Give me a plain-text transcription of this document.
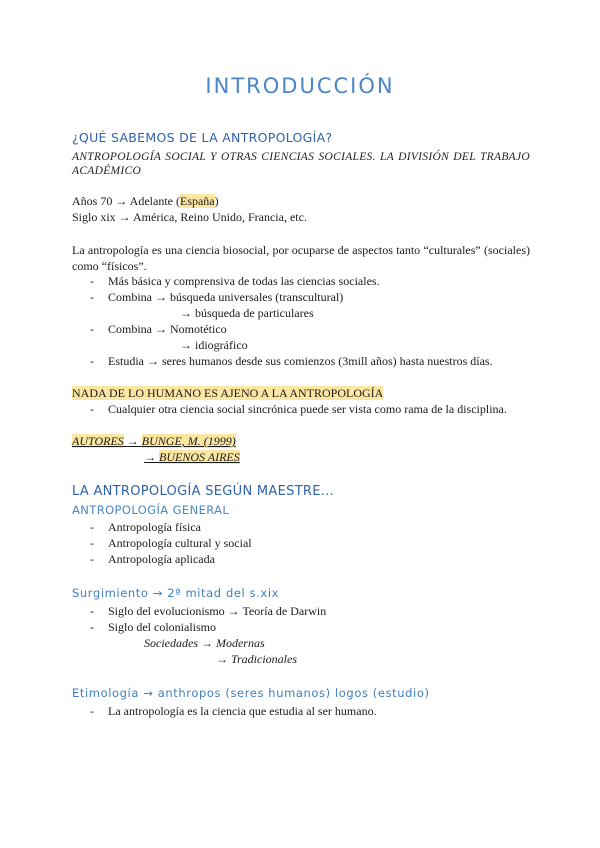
INTRODUCCIÓN
¿QUÉ SABEMOS DE LA ANTROPOLOGÍA?
ANTROPOLOGÍA SOCIAL Y OTRAS CIENCIAS SOCIALES. LA DIVISIÓN DEL TRABAJO ACADÉMICO
Años 70 → Adelante (España)
Siglo xix → América, Reino Unido, Francia, etc.
La antropología es una ciencia biosocial, por ocuparse de aspectos tanto “culturales” (sociales) como “físicos”.
- Más básica y comprensiva de todas las ciencias sociales.
- Combina → búsqueda universales (transcultural)
→ búsqueda de particulares
- Combina → Nomotético
→ idiográfico
- Estudia → seres humanos desde sus comienzos (3mill años) hasta nuestros días.
NADA DE LO HUMANO ES AJENO A LA ANTROPOLOGÍA
- Cualquier otra ciencia social sincrónica puede ser vista como rama de la disciplina.
AUTORES → BUNGE, M. (1999)
→ BUENOS AIRES
LA ANTROPOLOGÍA SEGÚN MAESTRE…
ANTROPOLOGÍA GENERAL
- Antropología física
- Antropología cultural y social
- Antropología aplicada
Surgimiento → 2ª mitad del s.xix
- Siglo del evolucionismo → Teoría de Darwin
- Siglo del colonialismo
Sociedades → Modernas
→ Tradicionales
Etimología → anthropos (seres humanos) logos (estudio)
- La antropología es la ciencia que estudia al ser humano.
